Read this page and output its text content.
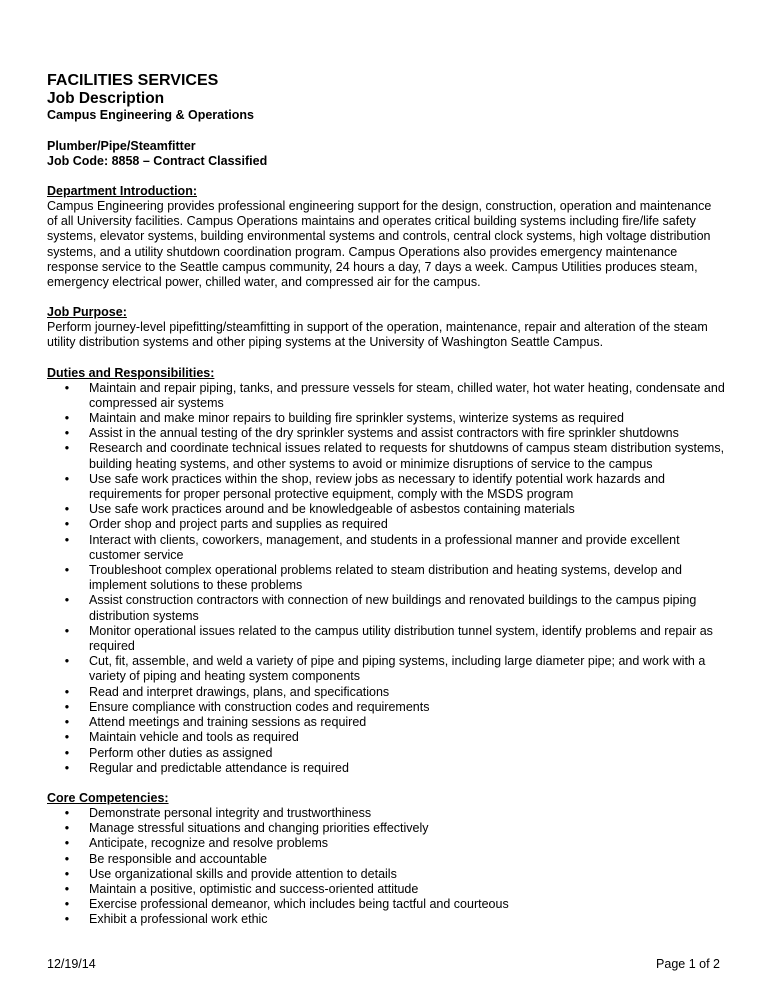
FACILITIES SERVICES
Job Description
Campus Engineering & Operations
Plumber/Pipe/Steamfitter
Job Code: 8858 – Contract Classified
Department Introduction:
Campus Engineering provides professional engineering support for the design, construction, operation and maintenance of all University facilities. Campus Operations maintains and operates critical building systems including fire/life safety systems, elevator systems, building environmental systems and controls, central clock systems, high voltage distribution systems, and a utility shutdown coordination program. Campus Operations also provides emergency maintenance response service to the Seattle campus community, 24 hours a day, 7 days a week. Campus Utilities produces steam, emergency electrical power, chilled water, and compressed air for the campus.
Job Purpose:
Perform journey-level pipefitting/steamfitting in support of the operation, maintenance, repair and alteration of the steam utility distribution systems and other piping systems at the University of Washington Seattle Campus.
Duties and Responsibilities:
•	Maintain and repair piping, tanks, and pressure vessels for steam, chilled water, hot water heating, condensate and compressed air systems
•	Maintain and make minor repairs to building fire sprinkler systems, winterize systems as required
•	Assist in the annual testing of the dry sprinkler systems and assist contractors with fire sprinkler shutdowns
•	Research and coordinate technical issues related to requests for shutdowns of campus steam distribution systems, building heating systems, and other systems to avoid or minimize disruptions of service to the campus
•	Use safe work practices within the shop, review jobs as necessary to identify potential work hazards and requirements for proper personal protective equipment, comply with the MSDS program
•	Use safe work practices around and be knowledgeable of asbestos containing materials
•	Order shop and project parts and supplies as required
•	Interact with clients, coworkers, management, and students in a professional manner and provide excellent customer service
•	Troubleshoot complex operational problems related to steam distribution and heating systems, develop and implement solutions to these problems
•	Assist construction contractors with connection of new buildings and renovated buildings to the campus piping distribution systems
•	Monitor operational issues related to the campus utility distribution tunnel system, identify problems and repair as required
•	Cut, fit, assemble, and weld a variety of pipe and piping systems, including large diameter pipe; and work with a variety of piping and heating system components
•	Read and interpret drawings, plans, and specifications
•	Ensure compliance with construction codes and requirements
•	Attend meetings and training sessions as required
•	Maintain vehicle and tools as required
•	Perform other duties as assigned
•	Regular and predictable attendance is required
Core Competencies:
•	Demonstrate personal integrity and trustworthiness
•	Manage stressful situations and changing priorities effectively
•	Anticipate, recognize and resolve problems
•	Be responsible and accountable
•	Use organizational skills and provide attention to details
•	Maintain a positive, optimistic and success-oriented attitude
•	Exercise professional demeanor, which includes being tactful and courteous
•	Exhibit a professional work ethic
12/19/14	Page 1 of 2
